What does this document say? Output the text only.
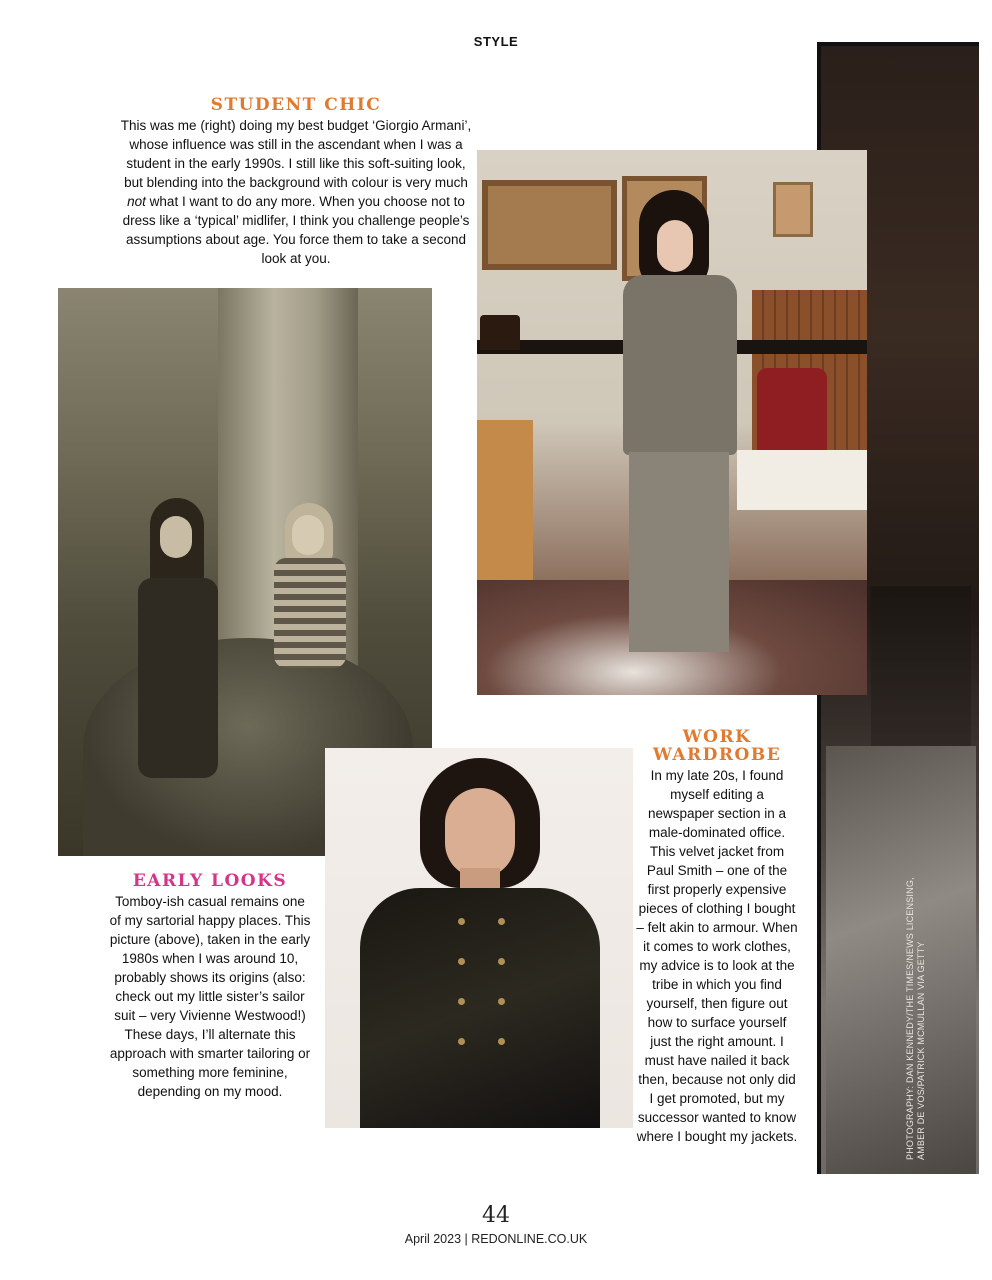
STYLE
STUDENT CHIC

This was me (right) doing my best budget ‘Giorgio Armani’, whose influence was still in the ascendant when I was a student in the early 1990s. I still like this soft-suiting look, but blending into the background with colour is very much not what I want to do any more. When you choose not to dress like a ‘typical’ midlifer, I think you challenge people’s assumptions about age. You force them to take a second look at you.

EARLY LOOKS

Tomboy-ish casual remains one of my sartorial happy places. This picture (above), taken in the early 1980s when I was around 10, probably shows its origins (also: check out my little sister’s sailor suit – very Vivienne Westwood!) These days, I’ll alternate this approach with smarter tailoring or something more feminine, depending on my mood.

WORK
WARDROBE

In my late 20s, I found myself editing a newspaper section in a male-dominated office. This velvet jacket from Paul Smith – one of the first properly expensive pieces of clothing I bought – felt akin to armour. When it comes to work clothes, my advice is to look at the tribe in which you find yourself, then figure out how to surface yourself just the right amount. I must have nailed it back then, because not only did I get promoted, but my successor wanted to know where I bought my jackets.	PHOTOGRAPHY: DAN KENNEDY/THE TIMES/NEWS LICENSING,
AMBER DE VOS/PATRICK MCMULLAN VIA GETTY
44
April 2023 | REDONLINE.CO.UK
